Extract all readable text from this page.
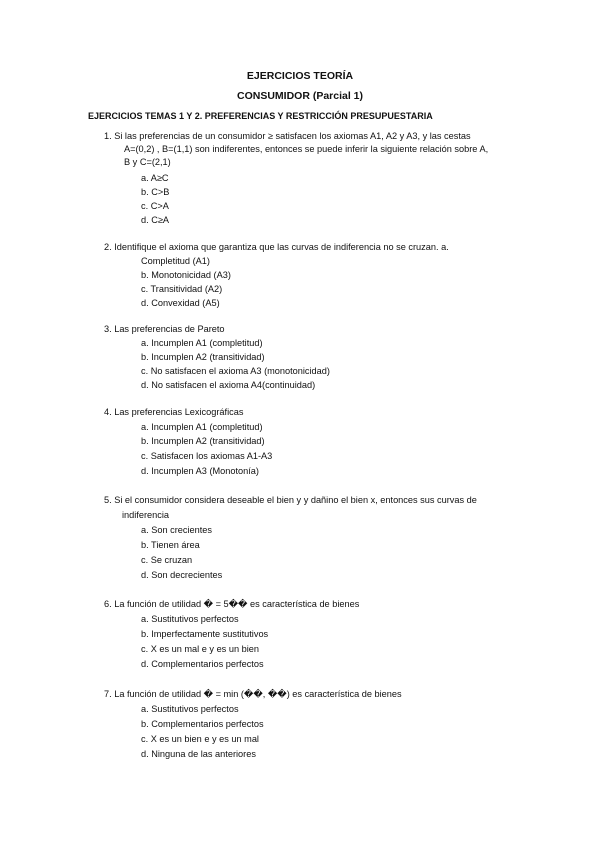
EJERCICIOS TEORÍA
CONSUMIDOR (Parcial 1)
EJERCICIOS TEMAS 1 Y 2. PREFERENCIAS Y RESTRICCIÓN PRESUPUESTARIA
1. Si las preferencias de un consumidor ≥ satisfacen los axiomas A1, A2 y A3, y las cestas
A=(0,2) , B=(1,1) son indiferentes, entonces se puede inferir la siguiente relación sobre A,
B y C=(2,1)
a. A≥C
b. C>B
c. C>A
d. C≥A
2. Identifique el axioma que garantiza que las curvas de indiferencia no se cruzan. a.
Completitud (A1)
b. Monotonicidad (A3)
c. Transitividad (A2)
d. Convexidad (A5)
3. Las preferencias de Pareto
a. Incumplen A1 (completitud)
b. Incumplen A2 (transitividad)
c. No satisfacen el axioma A3 (monotonicidad)
d. No satisfacen el axioma A4(continuidad)
4. Las preferencias Lexicográficas
a. Incumplen A1 (completitud)
b. Incumplen A2 (transitividad)
c. Satisfacen los axiomas A1-A3
d. Incumplen A3 (Monotonía)
5. Si el consumidor considera deseable el bien y y dañino el bien x, entonces sus curvas de
indiferencia
a. Son crecientes
b. Tienen área
c. Se cruzan
d. Son decrecientes
6. La función de utilidad � = 5�� es característica de bienes
a. Sustitutivos perfectos
b. Imperfectamente sustitutivos
c. X es un mal e y es un bien
d. Complementarios perfectos
7. La función de utilidad � = min (��, ��) es característica de bienes
a. Sustitutivos perfectos
b. Complementarios perfectos
c. X es un bien e y es un mal
d. Ninguna de las anteriores
